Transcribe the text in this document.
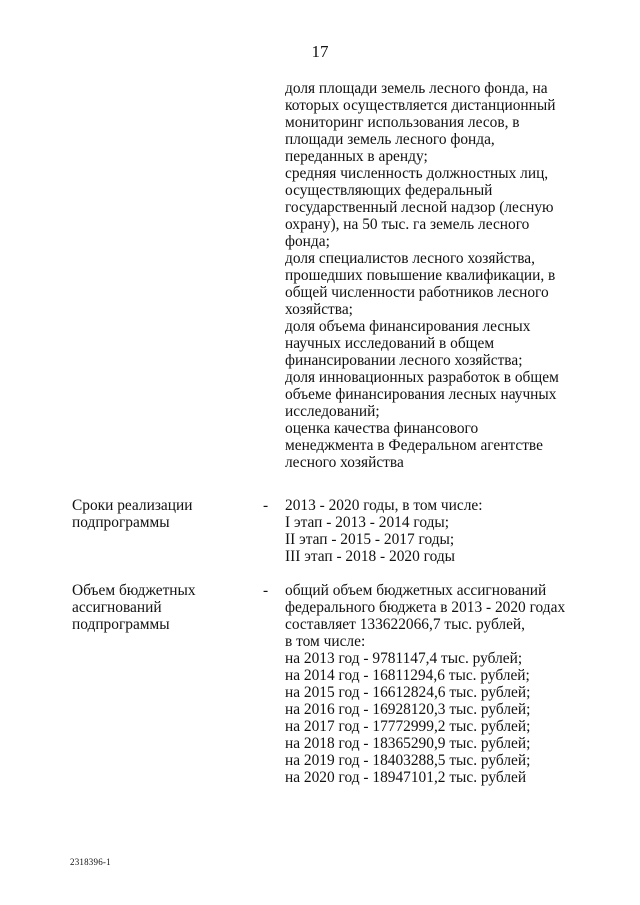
17
доля площади земель лесного фонда, на
которых осуществляется дистанционный
мониторинг использования лесов, в
площади земель лесного фонда,
переданных в аренду;
средняя численность должностных лиц,
осуществляющих федеральный
государственный лесной надзор (лесную
охрану), на 50 тыс. га земель лесного
фонда;
доля специалистов лесного хозяйства,
прошедших повышение квалификации, в
общей численности работников лесного
хозяйства;
доля объема финансирования лесных
научных исследований в общем
финансировании лесного хозяйства;
доля инновационных разработок в общем
объеме финансирования лесных научных
исследований;
оценка качества финансового
менеджмента в Федеральном агентстве
лесного хозяйства
Сроки реализации
подпрограммы
- 2013 - 2020 годы, в том числе:
I этап - 2013 - 2014 годы;
II этап - 2015 - 2017 годы;
III этап - 2018 - 2020 годы
Объем бюджетных
ассигнований
подпрограммы
- общий объем бюджетных ассигнований
федерального бюджета в 2013 - 2020 годах
составляет 133622066,7 тыс. рублей,
в том числе:
на 2013 год - 9781147,4 тыс. рублей;
на 2014 год - 16811294,6 тыс. рублей;
на 2015 год - 16612824,6 тыс. рублей;
на 2016 год - 16928120,3 тыс. рублей;
на 2017 год - 17772999,2 тыс. рублей;
на 2018 год - 18365290,9 тыс. рублей;
на 2019 год - 18403288,5 тыс. рублей;
на 2020 год - 18947101,2 тыс. рублей
2318396-1
